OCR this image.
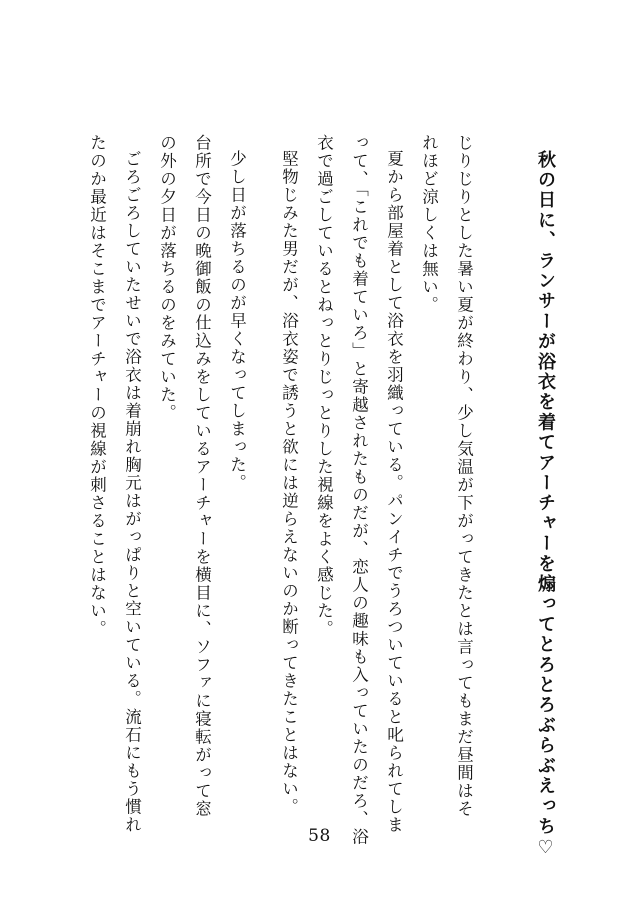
秋の日に、ランサーが浴衣を着てアーチャーを煽ってとろとろぶらぶえっち♡
じりじりとした暑い夏が終わり、少し気温が下がってきたとは言ってもまだ昼間はそ
れほど涼しくは無い。
夏から部屋着として浴衣を羽織っている。パンイチでうろついていると叱られてしま
って、「これでも着ていろ」と寄越されたものだが、恋人の趣味も入っていたのだろ、浴
衣で過ごしているとねっとりじっとりした視線をよく感じた。
堅物じみた男だが、浴衣姿で誘うと欲には逆らえないのか断ってきたことはない。
少し日が落ちるのが早くなってしまった。
台所で今日の晩御飯の仕込みをしているアーチャーを横目に、ソファに寝転がって窓
の外の夕日が落ちるのをみていた。
ごろごろしていたせいで浴衣は着崩れ胸元はがっぱりと空いている。流石にもう慣れ
たのか最近はそこまでアーチャーの視線が刺さることはない。
58
